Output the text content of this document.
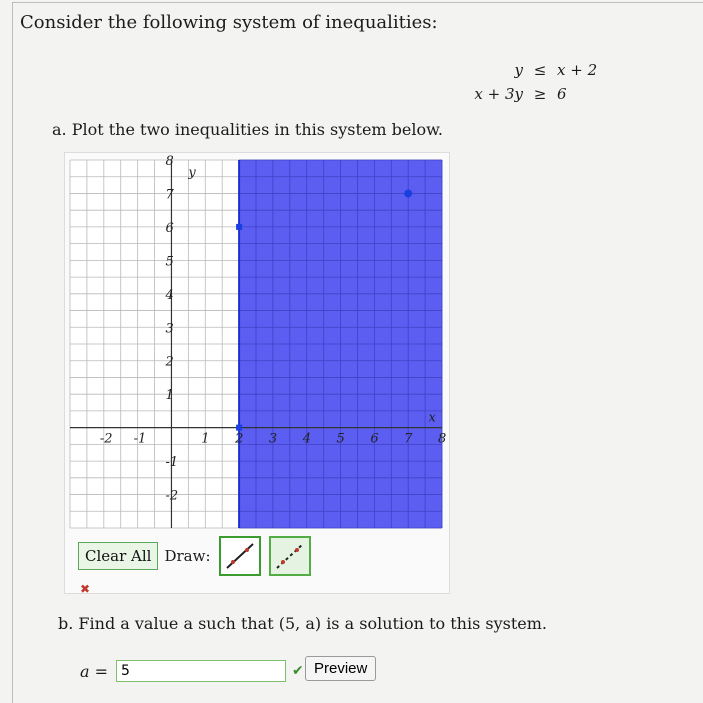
Consider the following system of inequalities:
y ≤ x + 2
x + 3y ≥ 6
a. Plot the two inequalities in this system below.
-2 -1	1 2 3 4 5 6 7 8
8
7
6
5
4
3
2
1
-1
-2
x
y
Clear All Draw:
✖
b. Find a value a such that (5, a) is a solution to this system.
a =
5	✔ Preview
